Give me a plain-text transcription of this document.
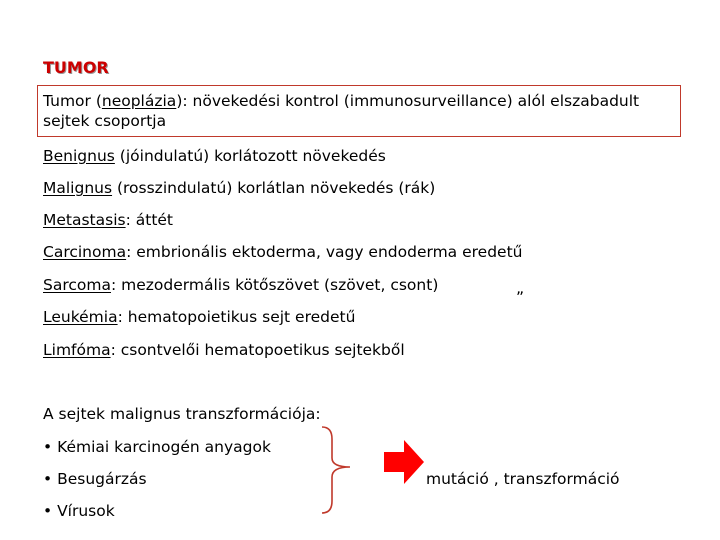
TUMOR
Tumor (neoplázia): növekedési kontrol (immunosurveillance) alól elszabadult
sejtek csoportja
Benignus (jóindulatú) korlátozott növekedés
Malignus (rosszindulatú) korlátlan növekedés (rák)
Metastasis: áttét
Carcinoma: embrionális ektoderma, vagy endoderma eredetű
Sarcoma: mezodermális kötőszövet (szövet, csont)	„
Leukémia: hematopoietikus sejt eredetű
Limfóma: csontvelői hematopoetikus sejtekből
A sejtek malignus transzformációja:
• Kémiai karcinogén anyagok
• Besugárzás
• Vírusok
mutáció , transzformáció
